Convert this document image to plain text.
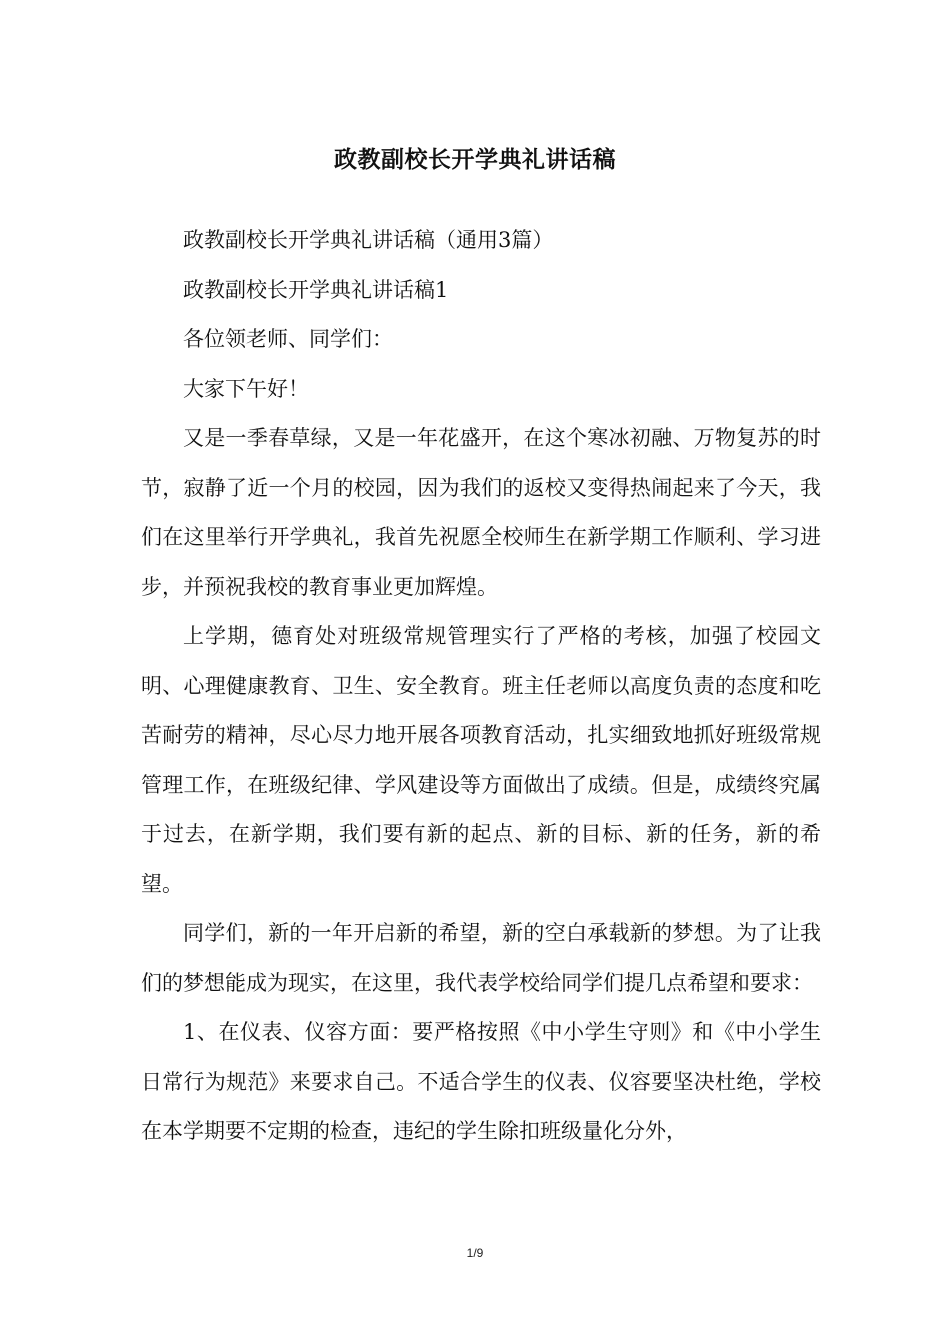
政教副校长开学典礼讲话稿

政教副校长开学典礼讲话稿（通用3篇）

政教副校长开学典礼讲话稿1

各位领老师、同学们：

大家下午好！

又是一季春草绿，又是一年花盛开，在这个寒冰初融、万物复苏的时节，寂静了近一个月的校园，因为我们的返校又变得热闹起来了今天，我们在这里举行开学典礼，我首先祝愿全校师生在新学期工作顺利、学习进步，并预祝我校的教育事业更加辉煌。

上学期，德育处对班级常规管理实行了严格的考核，加强了校园文明、心理健康教育、卫生、安全教育。班主任老师以高度负责的态度和吃苦耐劳的精神，尽心尽力地开展各项教育活动，扎实细致地抓好班级常规管理工作，在班级纪律、学风建设等方面做出了成绩。但是，成绩终究属于过去，在新学期，我们要有新的起点、新的目标、新的任务，新的希望。

同学们，新的一年开启新的希望，新的空白承载新的梦想。为了让我们的梦想能成为现实，在这里，我代表学校给同学们提几点希望和要求：

1、在仪表、仪容方面：要严格按照《中小学生守则》和《中小学生日常行为规范》来要求自己。不适合学生的仪表、仪容要坚决杜绝，学校在本学期要不定期的检查，违纪的学生除扣班级量化分外，

1/9
